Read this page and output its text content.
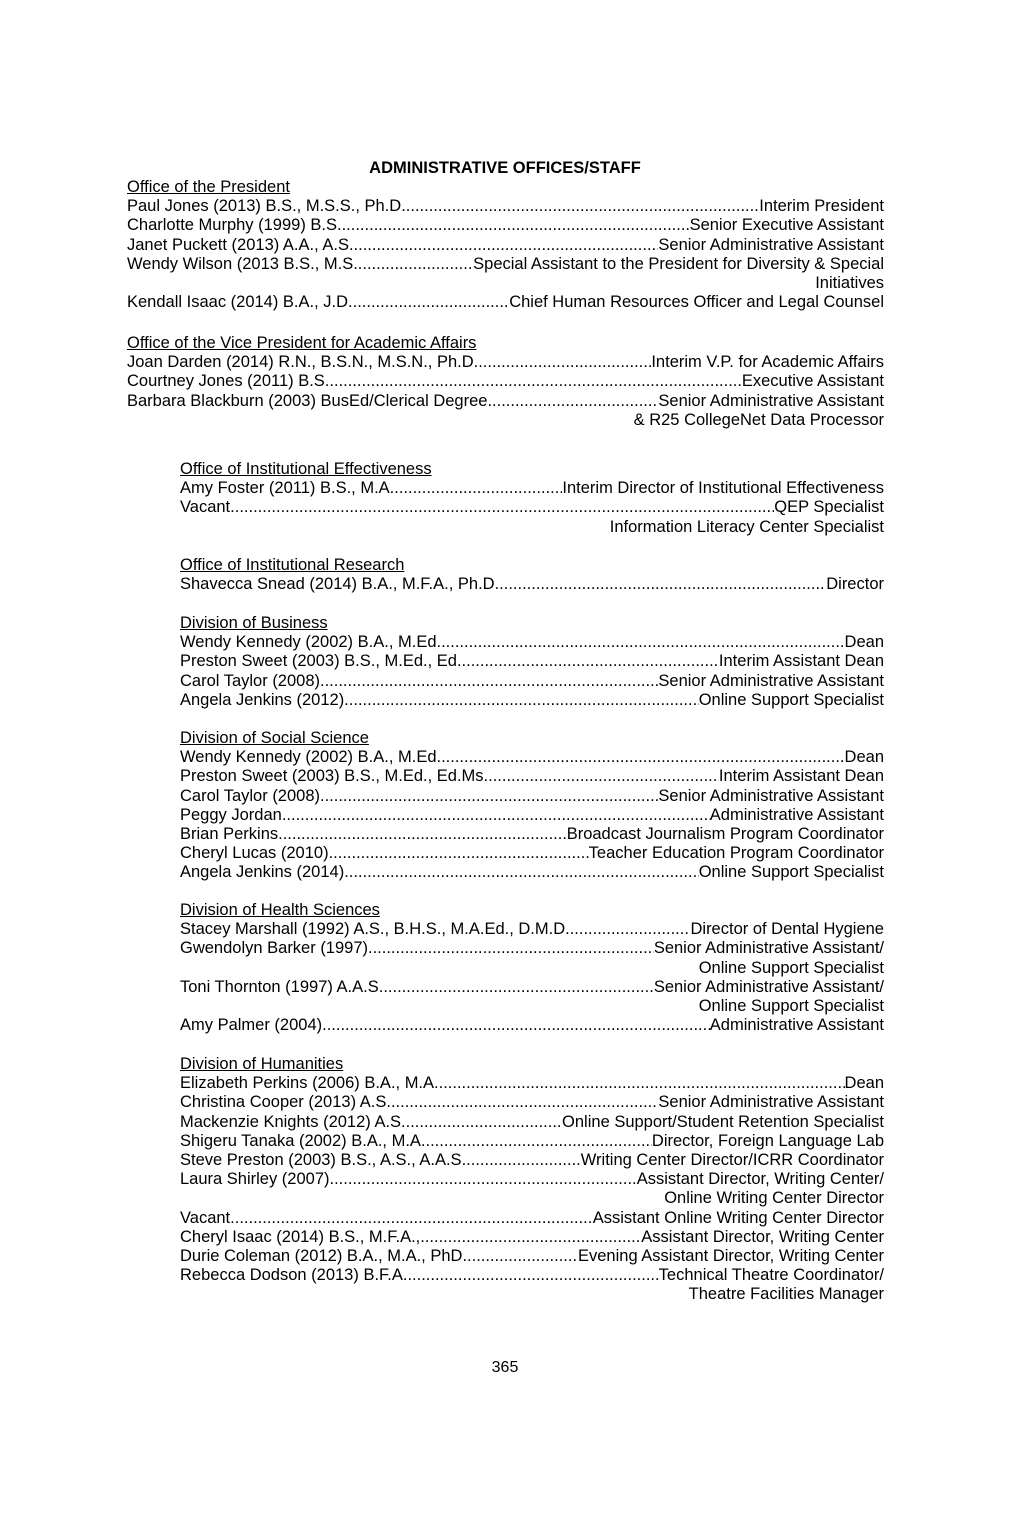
ADMINISTRATIVE OFFICES/STAFF
Office of the President
Paul Jones (2013) B.S., M.S.S., Ph.D. .....	Interim President
Charlotte Murphy (1999) B.S .....	Senior Executive Assistant
Janet Puckett (2013) A.A., A.S. .....	Senior Administrative Assistant
Wendy Wilson (2013 B.S., M.S. .....	Special Assistant to the President for Diversity & Special
Initiatives
Kendall Isaac (2014) B.A., J.D. .....	Chief Human Resources Officer and Legal Counsel
Office of the Vice President for Academic Affairs
Joan Darden (2014) R.N., B.S.N., M.S.N., Ph.D. .....	Interim V.P. for Academic Affairs
Courtney Jones (2011) B.S. .....	Executive Assistant
Barbara Blackburn (2003) BusEd/Clerical Degree .....	Senior Administrative Assistant
& R25 CollegeNet Data Processor
Office of Institutional Effectiveness
Amy Foster (2011) B.S., M.A.... .....	Interim Director of Institutional Effectiveness
Vacant .....	QEP Specialist
Information Literacy Center Specialist
Office of Institutional Research
Shavecca Snead (2014) B.A., M.F.A., Ph.D... .....	Director
Division of Business
Wendy Kennedy (2002) B.A., M.Ed. .....	Dean
Preston Sweet (2003) B.S., M.Ed., Ed .....	Interim Assistant Dean
Carol Taylor (2008). .....	Senior Administrative Assistant
Angela Jenkins (2012). .....	Online Support Specialist
Division of Social Science
Wendy Kennedy (2002) B.A., M.Ed. .....	Dean
Preston Sweet (2003) B.S., M.Ed., Ed.Ms. .....	Interim Assistant Dean
Carol Taylor (2008). .....	Senior Administrative Assistant
Peggy Jordan .....	Administrative Assistant
Brian Perkins .....	Broadcast Journalism Program Coordinator
Cheryl Lucas (2010) .....	Teacher Education Program Coordinator
Angela Jenkins (2014) .....	Online Support Specialist
Division of Health Sciences
Stacey Marshall (1992) A.S., B.H.S., M.A.Ed., D.M.D. .....	Director of Dental Hygiene
Gwendolyn Barker (1997) .....	Senior Administrative Assistant/
Online Support Specialist
Toni Thornton (1997) A.A.S. .....	Senior Administrative Assistant/
Online Support Specialist
Amy Palmer (2004) .....	Administrative Assistant
Division of Humanities
Elizabeth Perkins (2006) B.A., M.A. .....	Dean
Christina Cooper (2013) A.S. .....	Senior Administrative Assistant
Mackenzie Knights (2012) A.S .....	Online Support/Student Retention Specialist
Shigeru Tanaka (2002) B.A., M.A. .....	Director, Foreign Language Lab
Steve Preston (2003) B.S., A.S., A.A.S. .....	Writing Center Director/ICRR Coordinator
Laura Shirley (2007) .....	Assistant Director, Writing Center/
Online Writing Center Director
Vacant .....	Assistant Online Writing Center Director
Cheryl Isaac (2014) B.S., M.F.A., .....	Assistant Director, Writing Center
Durie Coleman (2012) B.A., M.A., PhD. .....	Evening Assistant Director, Writing Center
Rebecca Dodson (2013) B.F.A. .....	Technical Theatre Coordinator/
Theatre Facilities Manager
365
